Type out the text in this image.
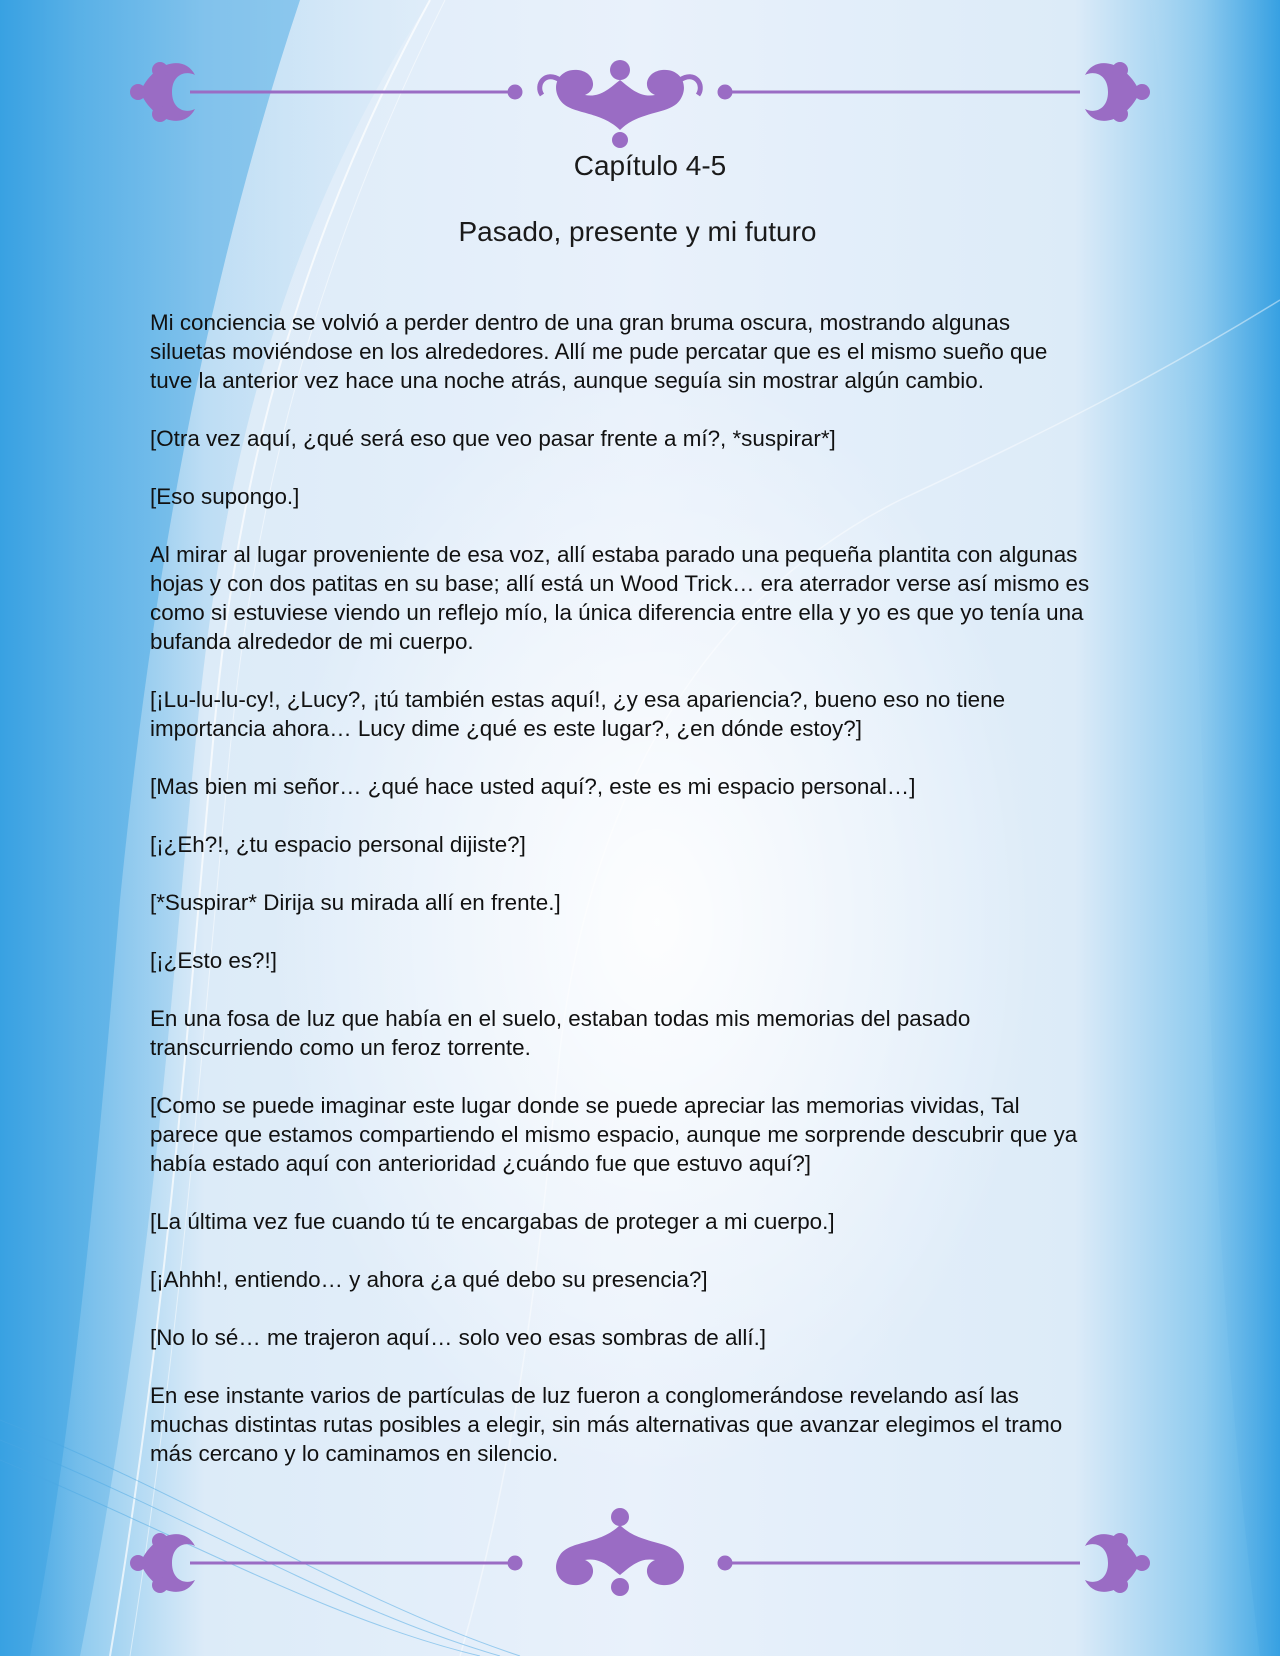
Capítulo 4-5
Pasado, presente y mi futuro

Mi conciencia se volvió a perder dentro de una gran bruma oscura, mostrando algunas siluetas moviéndose en los alrededores. Allí me pude percatar que es el mismo sueño que tuve la anterior vez hace una noche atrás, aunque seguía sin mostrar algún cambio.

[Otra vez aquí, ¿qué será eso que veo pasar frente a mí?, *suspirar*]

[Eso supongo.]

Al mirar al lugar proveniente de esa voz, allí estaba parado una pequeña plantita con algunas hojas y con dos patitas en su base; allí está un Wood Trick… era aterrador verse así mismo es como si estuviese viendo un reflejo mío, la única diferencia entre ella y yo es que yo tenía una bufanda alrededor de mi cuerpo.

[¡Lu-lu-lu-cy!, ¿Lucy?, ¡tú también estas aquí!, ¿y esa apariencia?, bueno eso no tiene importancia ahora… Lucy dime ¿qué es este lugar?, ¿en dónde estoy?]

[Mas bien mi señor… ¿qué hace usted aquí?, este es mi espacio personal…]

[¡¿Eh?!, ¿tu espacio personal dijiste?]

[*Suspirar* Dirija su mirada allí en frente.]

[¡¿Esto es?!]

En una fosa de luz que había en el suelo, estaban todas mis memorias del pasado transcurriendo como un feroz torrente.

[Como se puede imaginar este lugar donde se puede apreciar las memorias vividas, Tal parece que estamos compartiendo el mismo espacio, aunque me sorprende descubrir que ya había estado aquí con anterioridad ¿cuándo fue que estuvo aquí?]

[La última vez fue cuando tú te encargabas de proteger a mi cuerpo.]

[¡Ahhh!, entiendo… y ahora ¿a qué debo su presencia?]

[No lo sé… me trajeron aquí… solo veo esas sombras de allí.]

En ese instante varios de partículas de luz fueron a conglomerándose revelando así las muchas distintas rutas posibles a elegir, sin más alternativas que avanzar elegimos el tramo más cercano y lo caminamos en silencio.
